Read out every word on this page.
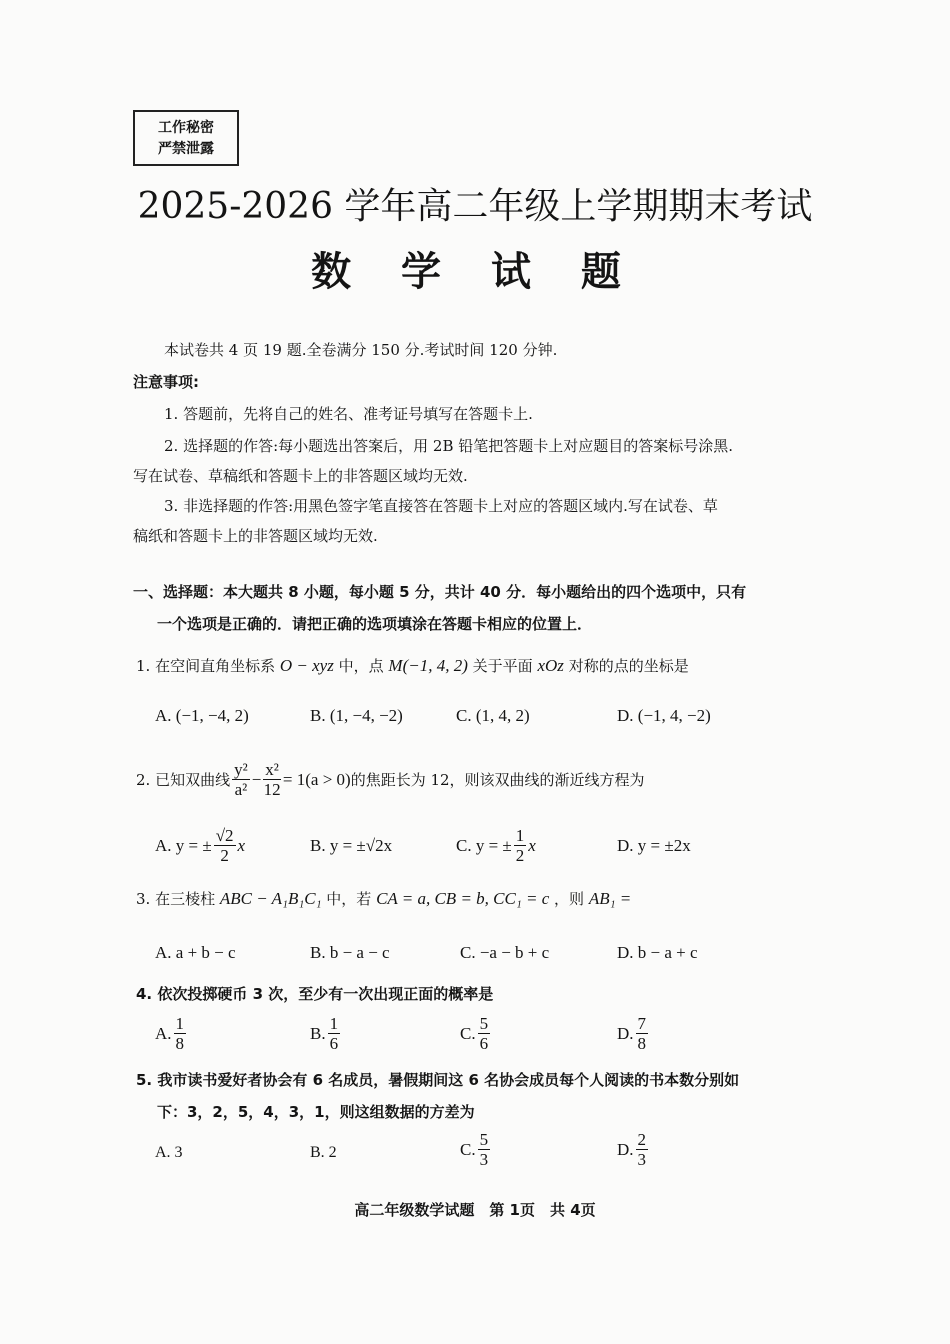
工作秘密
严禁泄露
2025-2026 学年高二年级上学期期末考试
数 学 试 题
本试卷共 4 页 19 题.全卷满分 150 分.考试时间 120 分钟.
注意事项:
1. 答题前，先将自己的姓名、准考证号填写在答题卡上.
2. 选择题的作答:每小题选出答案后，用 2B 铅笔把答题卡上对应题目的答案标号涂黑.
写在试卷、草稿纸和答题卡上的非答题区域均无效.
3. 非选择题的作答:用黑色签字笔直接答在答题卡上对应的答题区域内.写在试卷、草
稿纸和答题卡上的非答题区域均无效.
一、选择题：本大题共 8 小题，每小题 5 分，共计 40 分．每小题给出的四个选项中，只有
一个选项是正确的．请把正确的选项填涂在答题卡相应的位置上．
1. 在空间直角坐标系 O − xyz 中，点 M(−1, 4, 2) 关于平面 xOz 对称的点的坐标是
A. (−1, −4, 2)	B. (1, −4, −2)	C. (1, 4, 2)	D. (−1, 4, −2)
2. 已知双曲线 $\frac{\text{y²}}{\text{a²}} - \frac{\text{x²}}{12} = 1(a > 0)$ 的焦距长为 12，则该双曲线的渐近线方程为
A. y = ± $\frac{√2}{2}$ x	B. y = ±√2x	C. y = ± $\frac{1}{2}$ x	D. y = ±2x
3. 在三棱柱 ABC − A₁B₁C₁ 中，若 CA = a, CB = b, CC₁ = c ，则 AB₁ =
A. a + b − c	B. b − a − c	C. −a − b + c	D. b − a + c
4. 依次投掷硬币 3 次，至少有一次出现正面的概率是
A. $\frac{1}{8}$	B. $\frac{1}{6}$	C. $\frac{5}{6}$	D. $\frac{7}{8}$
5. 我市读书爱好者协会有 6 名成员，暑假期间这 6 名协会成员每个人阅读的书本数分别如
下：3，2，5，4，3，1，则这组数据的方差为
A. 3	B. 2	C. $\frac{5}{3}$	D. $\frac{2}{3}$
高二年级数学试题　第 1页　共 4页
